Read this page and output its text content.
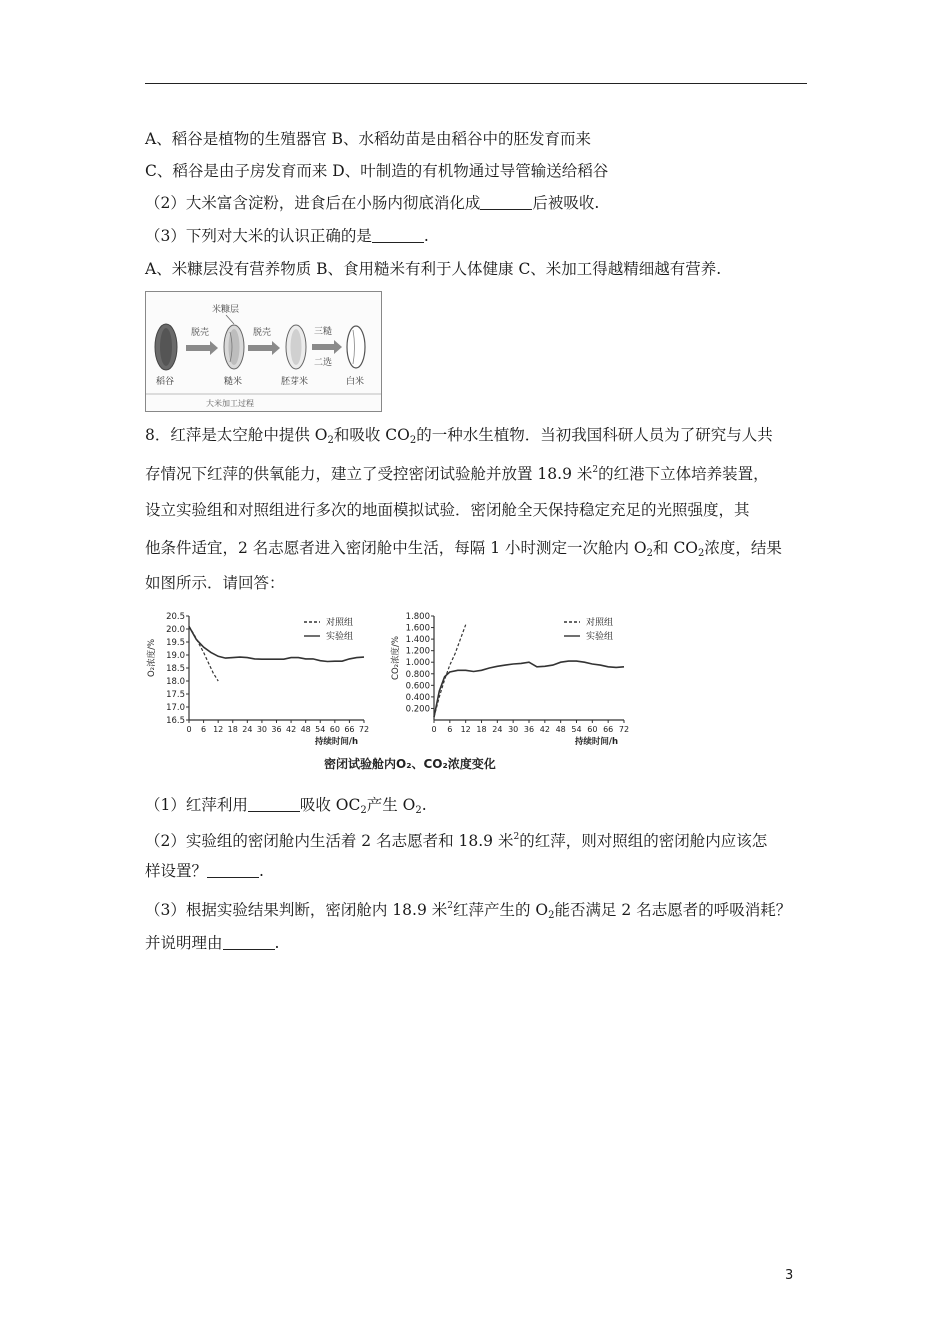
A、稻谷是植物的生殖器官 B、水稻幼苗是由稻谷中的胚发育而来
C、稻谷是由子房发育而来 D、叶制造的有机物通过导管输送给稻谷
（2）大米富含淀粉，进食后在小肠内彻底消化成	后被吸收.
（3）下列对大米的认识正确的是	.
A、米糠层没有营养物质 B、食用糙米有利于人体健康 C、米加工得越精细越有营养.
米糠层
脱壳	脱壳	三糙
二选
稻谷	糙米	胚芽米	白米
大米加工过程
8．红萍是太空舱中提供 $O_2$和吸收 $CO_2$的一种水生植物．当初我国科研人员为了研究与人共
存情况下红萍的供氧能力，建立了受控密闭试验舱并放置 18.9 米$^2$的红港下立体培养装置，
设立实验组和对照组进行多次的地面模拟试验．密闭舱全天保持稳定充足的光照强度，其
他条件适宜，2 名志愿者进入密闭舱中生活，每隔 1 小时测定一次舱内 $O_2$和 $CO_2$浓度，结果
如图所示．请回答：
20.5
20.0
19.5
19.0
18.5
18.0
17.5
17.0
16.5
0 6 12 18 24 30 36 42 48 54 60 66 72
O₂浓度/%
持续时间/h
对照组
实验组
1.800
1.600
1.400
1.200
1.000
0.800
0.600
0.400
0.200
0 6 12 18 24 30 36 42 48 54 60 66 72
CO₂浓度/%
持续时间/h
对照组
实验组
密闭试验舱内O₂、CO₂浓度变化
（1）红萍利用	吸收 $OC_2$产生 $O_2$.
（2）实验组的密闭舱内生活着 2 名志愿者和 18.9 米$^2$的红萍，则对照组的密闭舱内应该怎
样设置？	.
（3）根据实验结果判断，密闭舱内 18.9 米$^2$红萍产生的 $O_2$能否满足 2 名志愿者的呼吸消耗？
并说明理由	.
3
